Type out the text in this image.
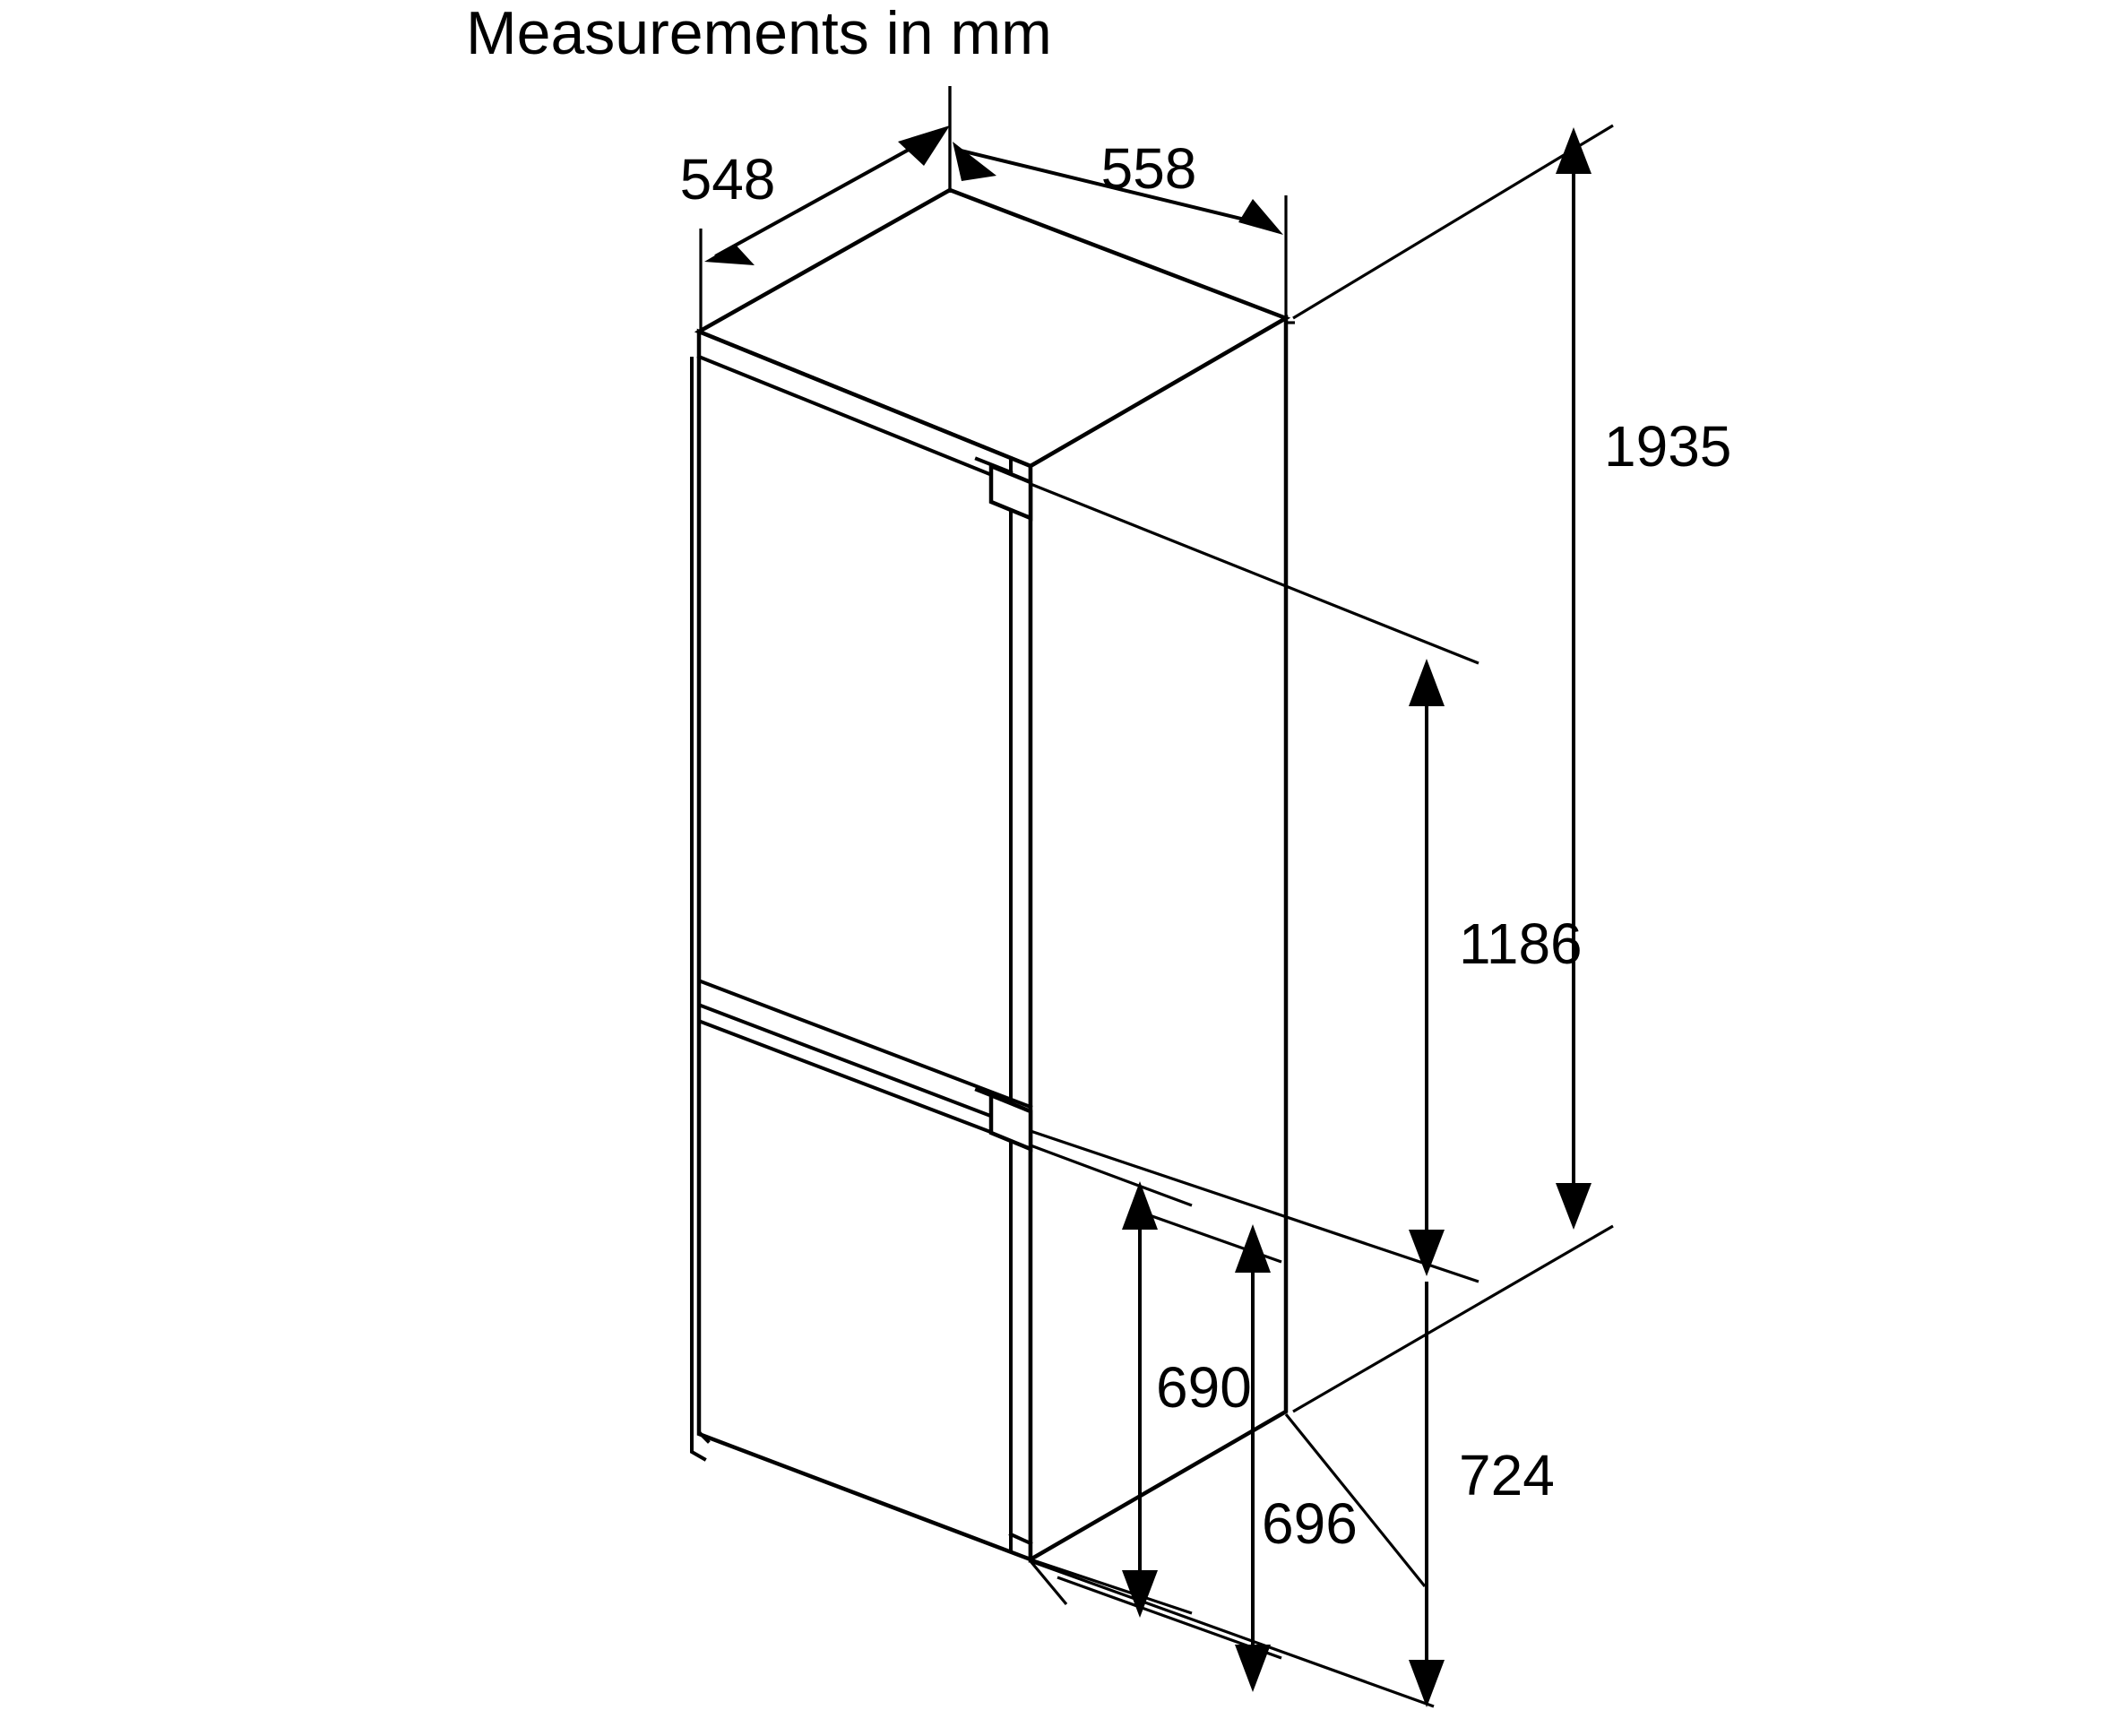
Measurements in mm
548	558
1935
1186
690
696
724
